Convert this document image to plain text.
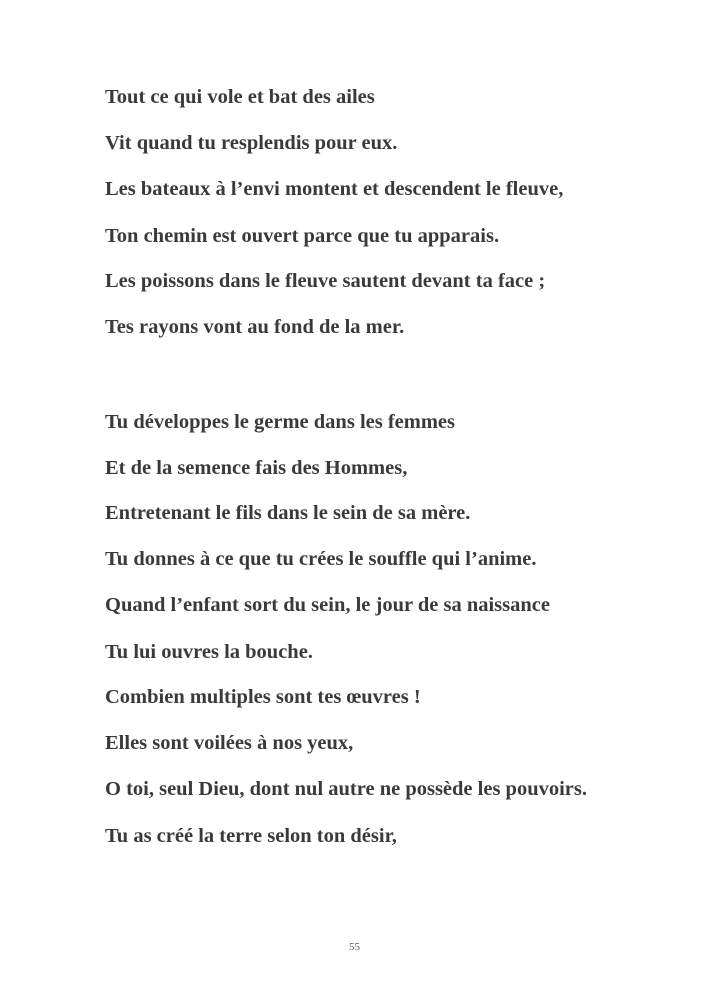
Tout ce qui vole et bat des ailes

Vit quand tu resplendis pour eux.

Les bateaux à l’envi montent et descendent le fleuve,

Ton chemin est ouvert parce que tu apparais.

Les poissons dans le fleuve sautent devant ta face ;

Tes rayons vont au fond de la mer.

Tu développes le germe dans les femmes

Et de la semence fais des Hommes,

Entretenant le fils dans le sein de sa mère.

Tu donnes à ce que tu crées le souffle qui l’anime.

Quand l’enfant sort du sein, le jour de sa naissance

Tu lui ouvres la bouche.

Combien multiples sont tes œuvres !

Elles sont voilées à nos yeux,

O toi, seul Dieu, dont nul autre ne possède les pouvoirs.

Tu as créé la terre selon ton désir,

55
